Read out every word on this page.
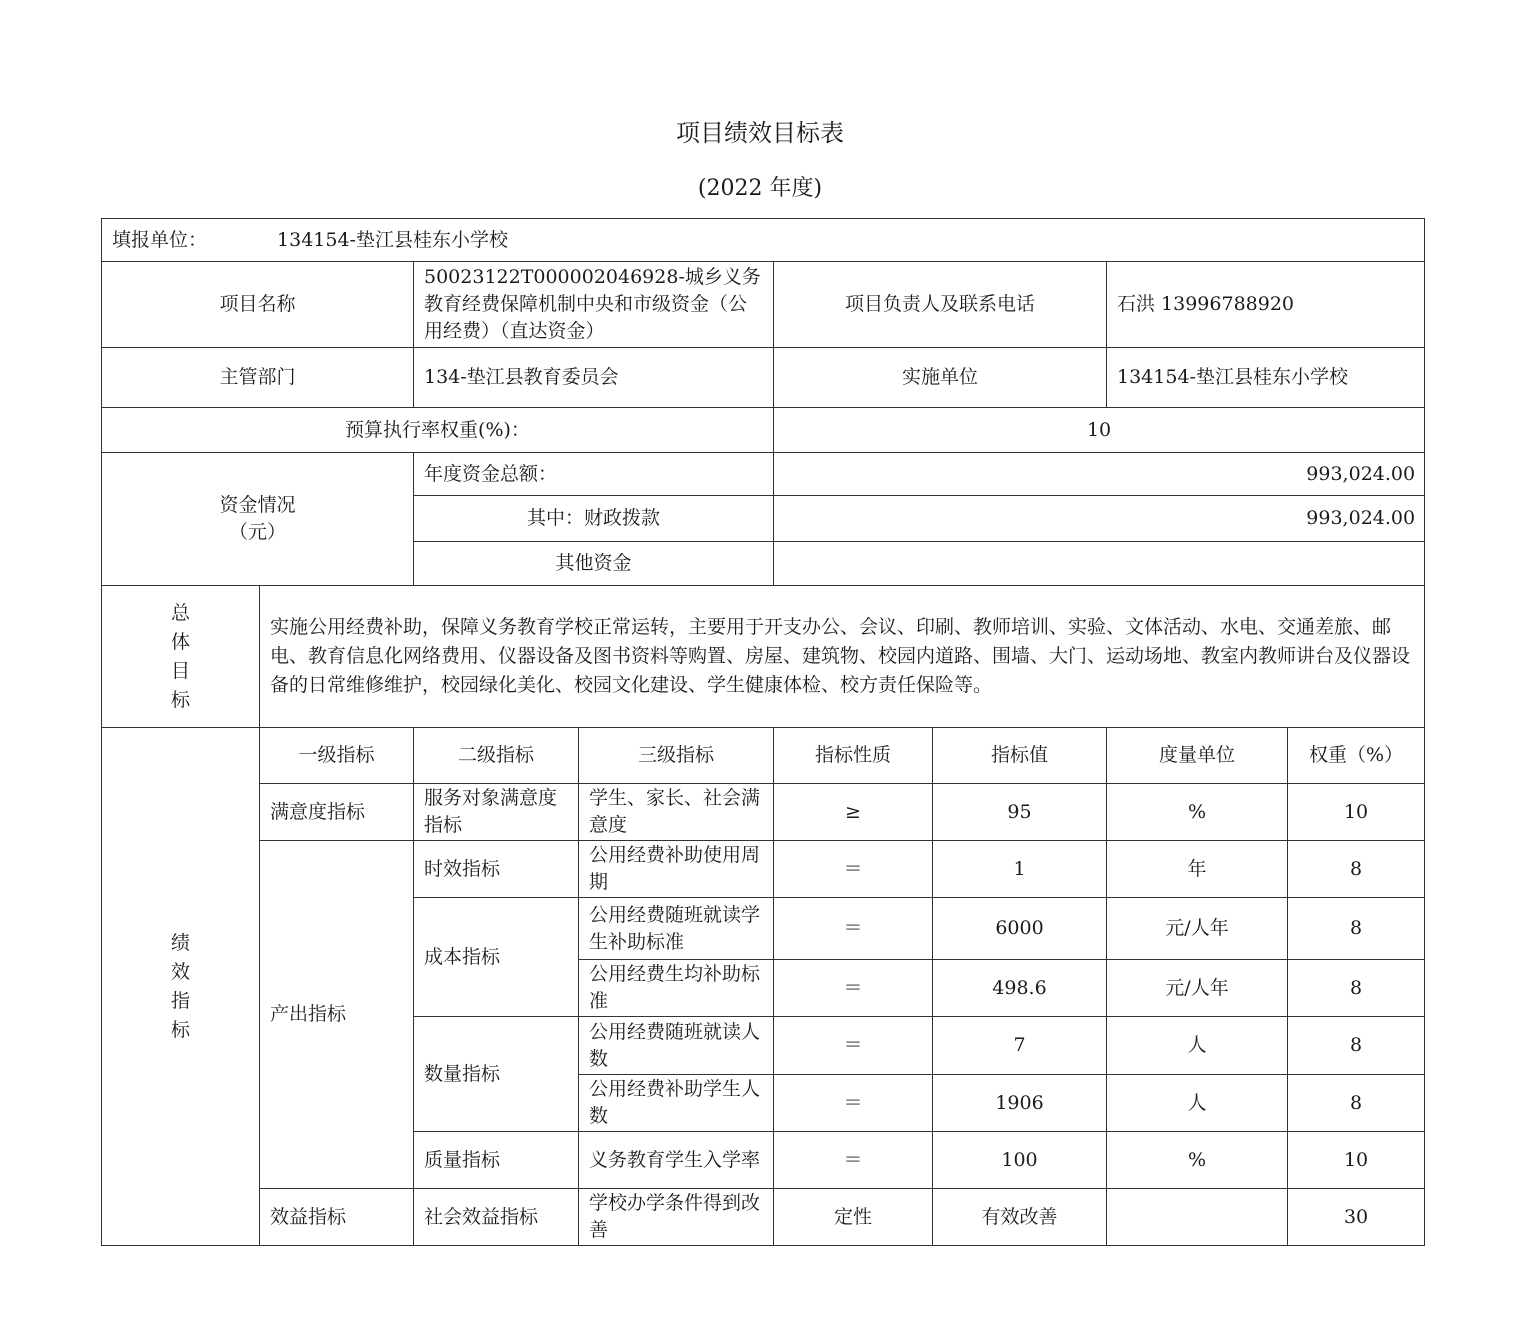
项目绩效目标表
(2022 年度)
填报单位： 134154-垫江县桂东小学校							
项目名称		50023122T000002046928-城乡义务教育经费保障机制中央和市级资金（公用经费）（直达资金）		项目负责人及联系电话		石洪 13996788920	
主管部门		134-垫江县教育委员会		实施单位		134154-垫江县桂东小学校	
预算执行率权重(%)：				10			

资金情况
（元）		年度资金总额：		993,024.00			
		其中：财政拨款		993,024.00			
		其他资金					

总
体
目
标	实施公用经费补助，保障义务教育学校正常运转，主要用于开支办公、会议、印刷、教师培训、实验、文体活动、水电、交通差旅、邮电、教育信息化网络费用、仪器设备及图书资料等购置、房屋、建筑物、校园内道路、围墙、大门、运动场地、教室内教师讲台及仪器设备的日常维修维护，校园绿化美化、校园文化建设、学生健康体检、校方责任保险等。						

绩
效
指
标	一级指标	二级指标	三级指标	指标性质	指标值	度量单位	权重（%）
	满意度指标	服务对象满意度指标	学生、家长、社会满意度	≥	95	%	10
	产出指标	时效指标	公用经费补助使用周期	＝	1	年	8
		成本指标	公用经费随班就读学生补助标准	＝	6000	元/人年	8
			公用经费生均补助标准	＝	498.6	元/人年	8
		数量指标	公用经费随班就读人数	＝	7	人	8
			公用经费补助学生人数	＝	1906	人	8
		质量指标	义务教育学生入学率	＝	100	%	10
	效益指标	社会效益指标	学校办学条件得到改善	定性	有效改善		30
